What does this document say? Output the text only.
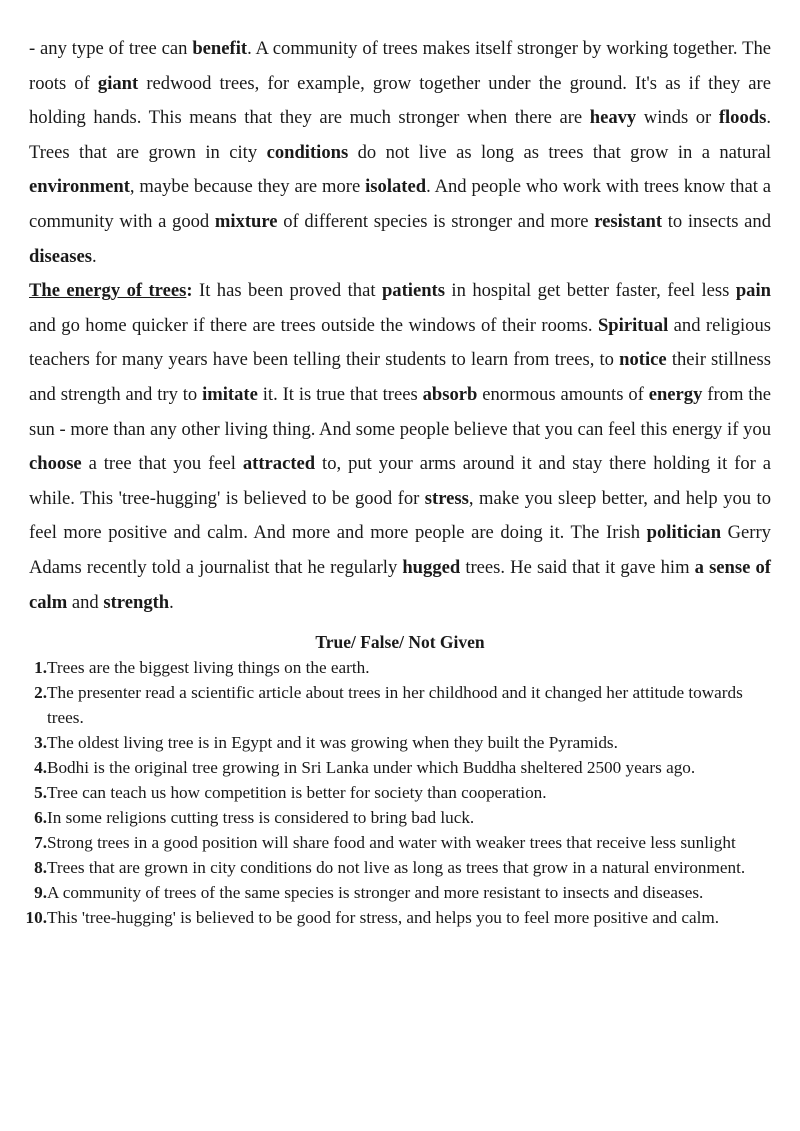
- any type of tree can benefit. A community of trees makes itself stronger by working together. The roots of giant redwood trees, for example, grow together under the ground. It's as if they are holding hands. This means that they are much stronger when there are heavy winds or floods. Trees that are grown in city conditions do not live as long as trees that grow in a natural environment, maybe because they are more isolated. And people who work with trees know that a community with a good mixture of different species is stronger and more resistant to insects and diseases.

The energy of trees: It has been proved that patients in hospital get better faster, feel less pain and go home quicker if there are trees outside the windows of their rooms. Spiritual and religious teachers for many years have been telling their students to learn from trees, to notice their stillness and strength and try to imitate it. It is true that trees absorb enormous amounts of energy from the sun - more than any other living thing. And some people believe that you can feel this energy if you choose a tree that you feel attracted to, put your arms around it and stay there holding it for a while. This 'tree-hugging' is believed to be good for stress, make you sleep better, and help you to feel more positive and calm. And more and more people are doing it. The Irish politician Gerry Adams recently told a journalist that he regularly hugged trees. He said that it gave him a sense of calm and strength.

True/ False/ Not Given
1. Trees are the biggest living things on the earth.
2. The presenter read a scientific article about trees in her childhood and it changed her attitude towards trees.
3. The oldest living tree is in Egypt and it was growing when they built the Pyramids.
4. Bodhi is the original tree growing in Sri Lanka under which Buddha sheltered 2500 years ago.
5. Tree can teach us how competition is better for society than cooperation.
6. In some religions cutting tress is considered to bring bad luck.
7. Strong trees in a good position will share food and water with weaker trees that receive less sunlight
8. Trees that are grown in city conditions do not live as long as trees that grow in a natural environment.
9. A community of trees of the same species is stronger and more resistant to insects and diseases.
10. This 'tree-hugging' is believed to be good for stress, and helps you to feel more positive and calm.
